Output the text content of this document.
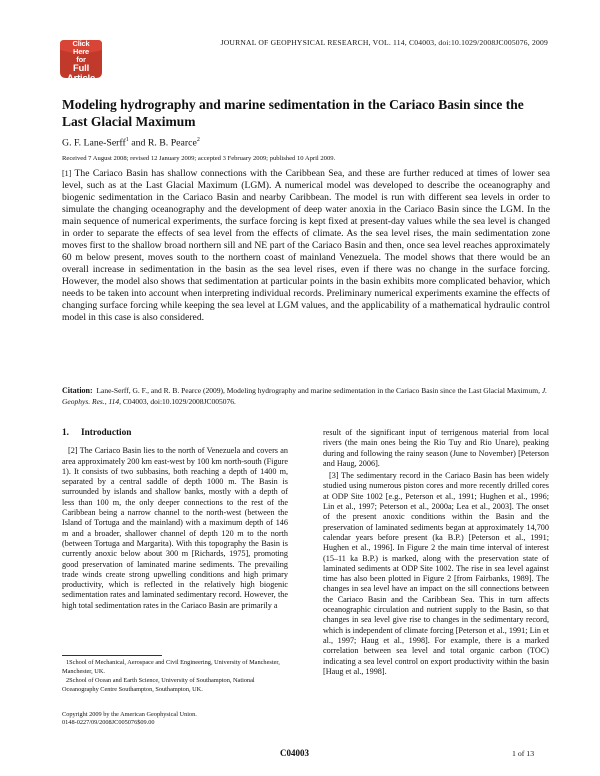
Click
Here
for
Full
Article
JOURNAL OF GEOPHYSICAL RESEARCH, VOL. 114, C04003, doi:10.1029/2008JC005076, 2009
Modeling hydrography and marine sedimentation in the Cariaco Basin since the Last Glacial Maximum
G. F. Lane-Serff$^1$ and R. B. Pearce$^2$
Received 7 August 2008; revised 12 January 2009; accepted 3 February 2009; published 10 April 2009.
[1] The Cariaco Basin has shallow connections with the Caribbean Sea, and these are further reduced at times of lower sea level, such as at the Last Glacial Maximum (LGM). A numerical model was developed to describe the oceanography and biogenic sedimentation in the Cariaco Basin and nearby Caribbean. The model is run with different sea levels in order to simulate the changing oceanography and the development of deep water anoxia in the Cariaco Basin since the LGM. In the main sequence of numerical experiments, the surface forcing is kept fixed at present-day values while the sea level is changed in order to separate the effects of sea level from the effects of climate. As the sea level rises, the main sedimentation zone moves first to the shallow broad northern sill and NE part of the Cariaco Basin and then, once sea level reaches approximately 60 m below present, moves south to the northern coast of mainland Venezuela. The model shows that there would be an overall increase in sedimentation in the basin as the sea level rises, even if there was no change in the surface forcing. However, the model also shows that sedimentation at particular points in the basin exhibits more complicated behavior, which needs to be taken into account when interpreting individual records. Preliminary numerical experiments examine the effects of changing surface forcing while keeping the sea level at LGM values, and the applicability of a mathematical hydraulic control model in this case is also considered.
Citation: Lane-Serff, G. F., and R. B. Pearce (2009), Modeling hydrography and marine sedimentation in the Cariaco Basin since the Last Glacial Maximum, J. Geophys. Res., 114, C04003, doi:10.1029/2008JC005076.
1. Introduction

[2] The Cariaco Basin lies to the north of Venezuela and covers an area approximately 200 km east-west by 100 km north-south (Figure 1). It consists of two subbasins, both reaching a depth of 1400 m, separated by a central saddle of depth 1000 m. The Basin is surrounded by islands and shallow banks, mostly with a depth of less than 100 m, the only deeper connections to the rest of the Caribbean being a narrow channel to the north-west (between the Island of Tortuga and the mainland) with a maximum depth of 146 m and a broader, shallower channel of depth 120 m to the north (between Tortuga and Margarita). With this topography the Basin is currently anoxic below about 300 m [Richards, 1975], promoting good preservation of laminated marine sediments. The prevailing trade winds create strong upwelling conditions and high primary productivity, which is reflected in the relatively high biogenic sedimentation rates and laminated sedimentary record. However, the high total sedimentation rates in the Cariaco Basin are primarily a

result of the significant input of terrigenous material from local rivers (the main ones being the Rio Tuy and Rio Unare), peaking during and following the rainy season (June to November) [Peterson and Haug, 2006].

[3] The sedimentary record in the Cariaco Basin has been widely studied using numerous piston cores and more recently drilled cores at ODP Site 1002 [e.g., Peterson et al., 1991; Hughen et al., 1996; Lin et al., 1997; Peterson et al., 2000a; Lea et al., 2003]. The onset of the present anoxic conditions within the Basin and the preservation of laminated sediments began at approximately 14,700 calendar years before present (ka B.P.) [Peterson et al., 1991; Hughen et al., 1996]. In Figure 2 the main time interval of interest (15–11 ka B.P.) is marked, along with the preservation state of laminated sediments at ODP Site 1002. The rise in sea level against time has also been plotted in Figure 2 [from Fairbanks, 1989]. The changes in sea level have an impact on the sill connections between the Cariaco Basin and the Caribbean Sea. This in turn affects oceanographic circulation and nutrient supply to the Basin, so that changes in sea level give rise to changes in the sedimentary record, which is independent of climate forcing [Peterson et al., 1991; Lin et al., 1997; Haug et al., 1998]. For example, there is a marked correlation between sea level and total organic carbon (TOC) indicating a sea level control on export productivity within the basin [Haug et al., 1998].

1School of Mechanical, Aerospace and Civil Engineering, University of Manchester, Manchester, UK.

2School of Ocean and Earth Science, University of Southampton, National Oceanography Centre Southampton, Southampton, UK.

Copyright 2009 by the American Geophysical Union.
0148-0227/09/2008JC005076$09.00
C04003	1 of 13
